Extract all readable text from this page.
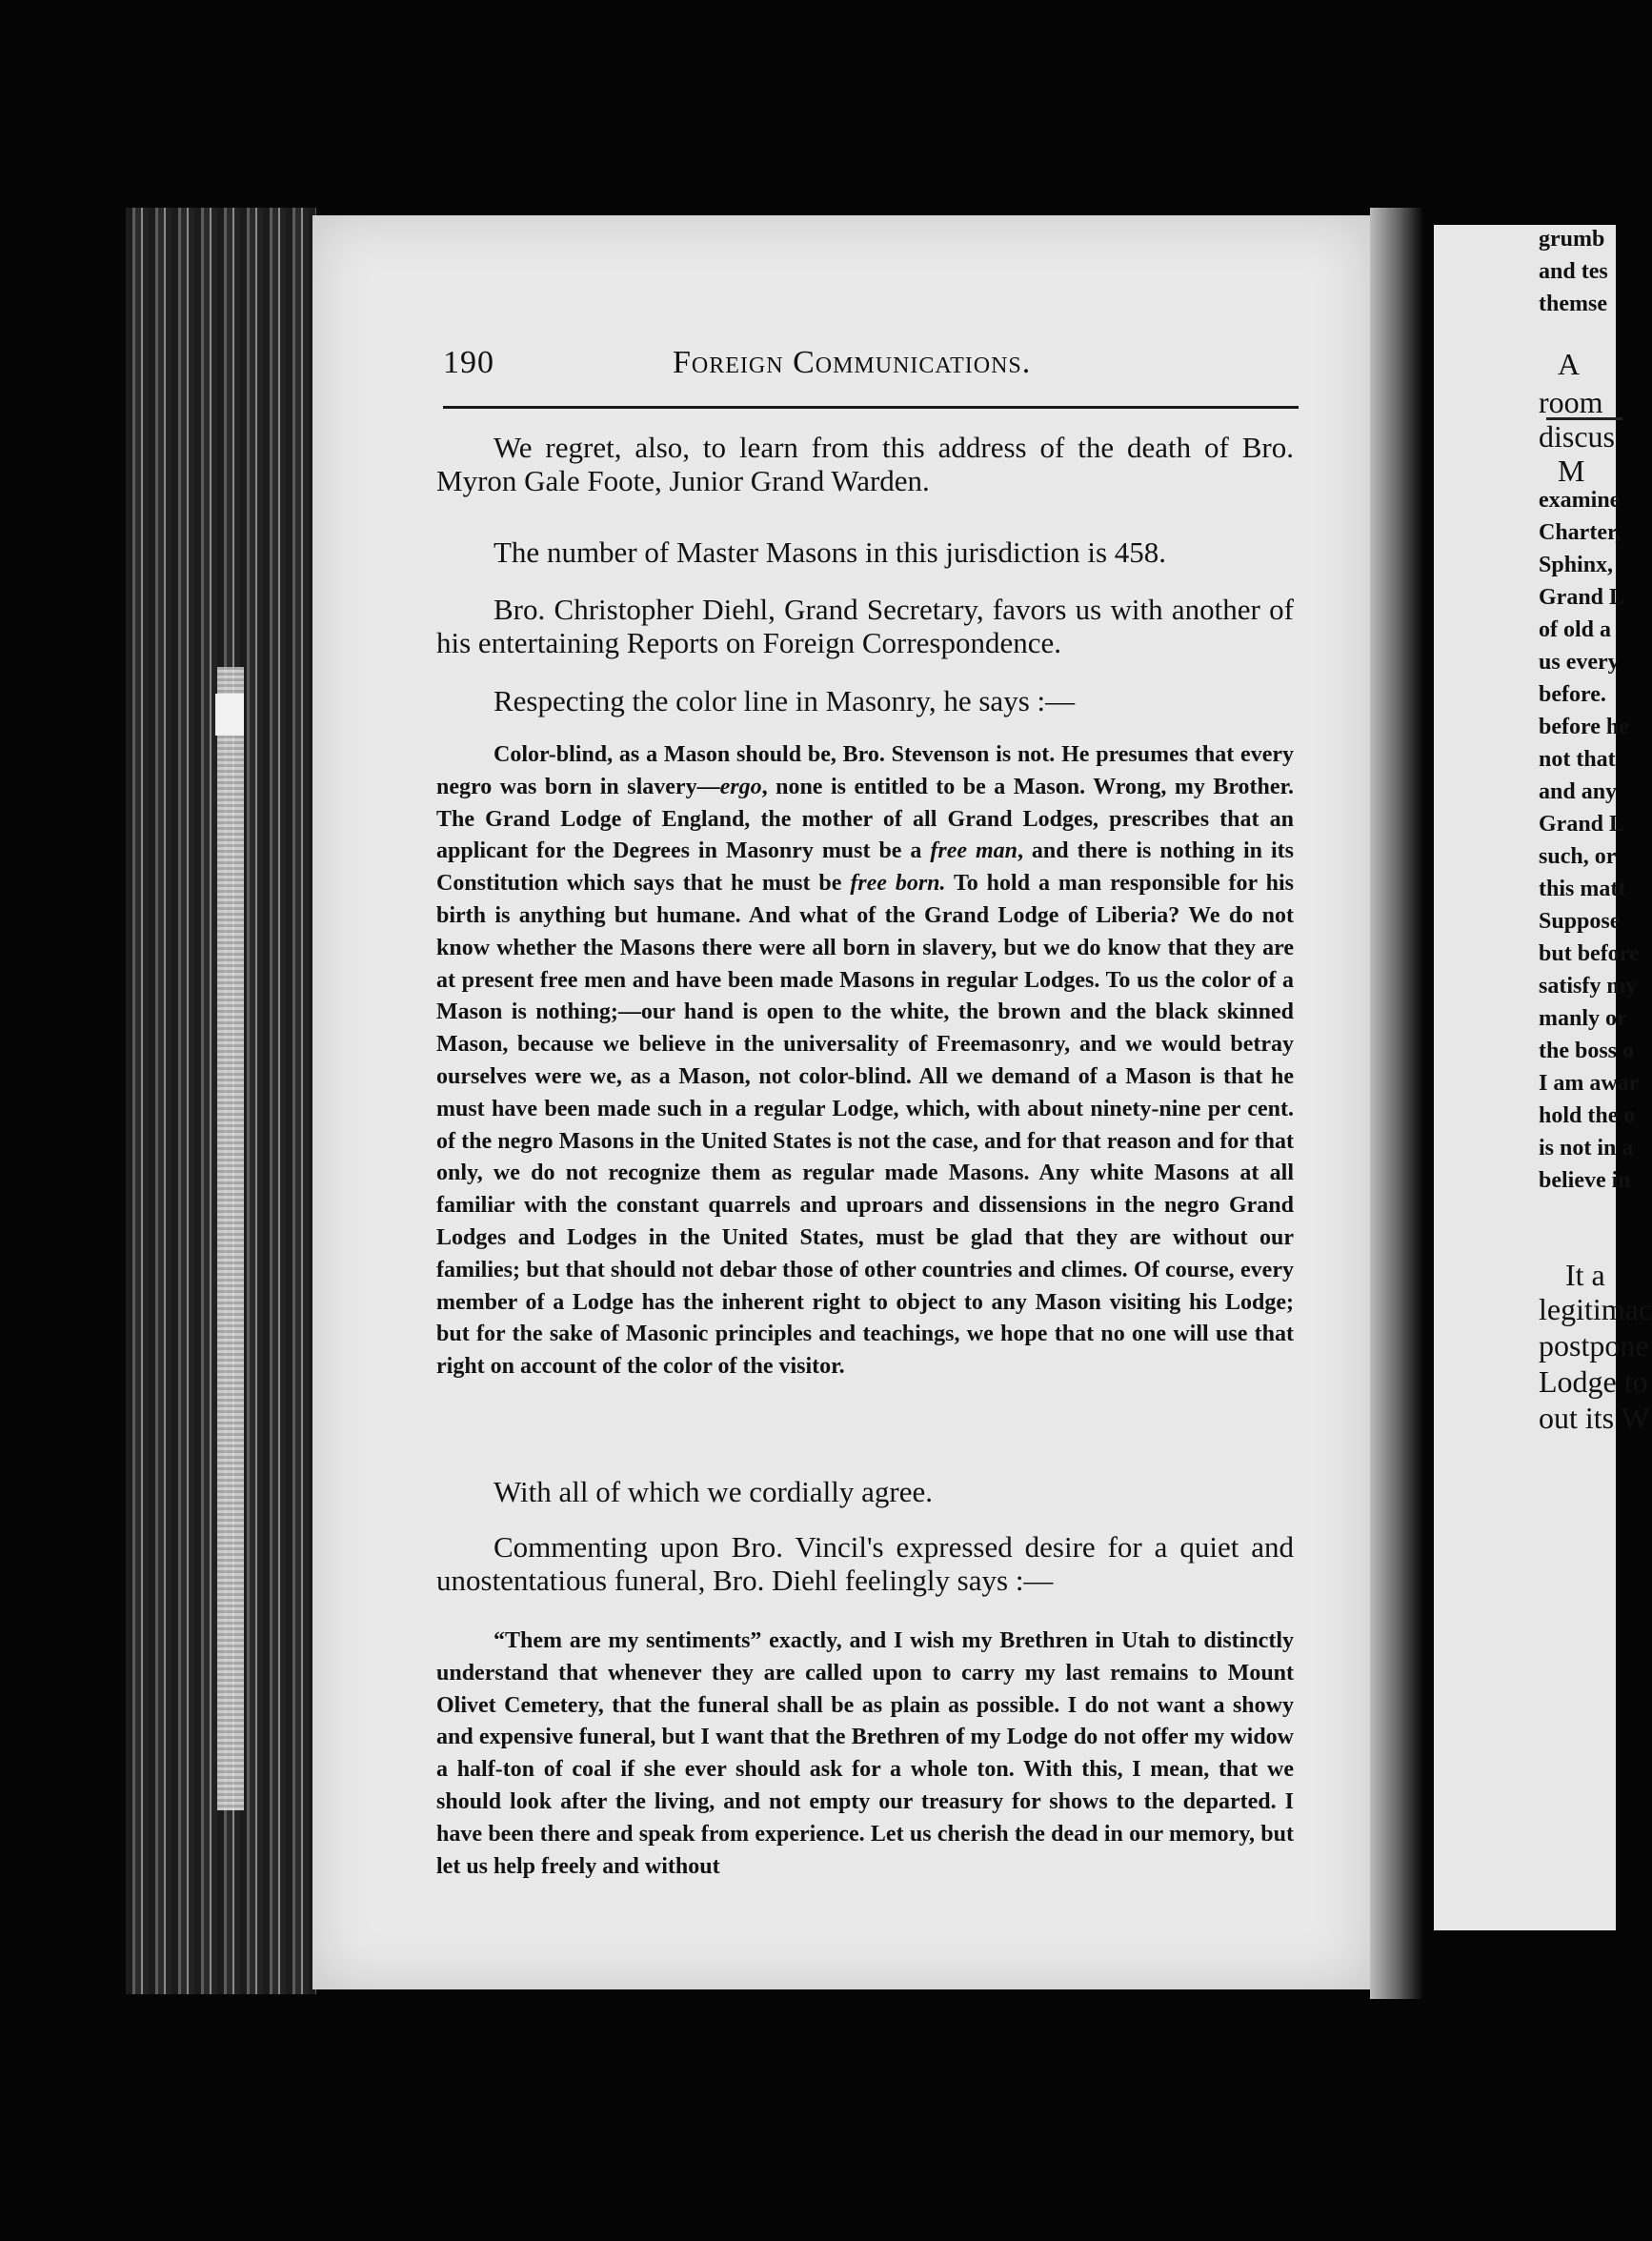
grumb
and tes
themse
examine
Charter,
Sphinx,
Grand L
of old a
us every
before.
before he
not that
and any
Grand L
such, or
this matt
Suppose
but before
satisfy my
manly or
the boss o
I am awar
hold the o
is not in a
believe in
A
room
discus
M
It a
legitimac
postpone
Lodge to
out its W
190	Foreign Communications.

We regret, also, to learn from this address of the death of Bro. Myron Gale Foote, Junior Grand Warden.

The number of Master Masons in this jurisdiction is 458.

Bro. Christopher Diehl, Grand Secretary, favors us with another of his entertaining Reports on Foreign Correspondence.

Respecting the color line in Masonry, he says :—

Color-blind, as a Mason should be, Bro. Stevenson is not. He presumes that every negro was born in slavery—ergo, none is entitled to be a Mason. Wrong, my Brother. The Grand Lodge of England, the mother of all Grand Lodges, prescribes that an applicant for the Degrees in Masonry must be a free man, and there is nothing in its Constitution which says that he must be free born. To hold a man responsible for his birth is anything but humane. And what of the Grand Lodge of Liberia? We do not know whether the Masons there were all born in slavery, but we do know that they are at present free men and have been made Masons in regular Lodges. To us the color of a Mason is nothing;—our hand is open to the white, the brown and the black skinned Mason, because we believe in the universality of Freemasonry, and we would betray ourselves were we, as a Mason, not color-blind. All we demand of a Mason is that he must have been made such in a regular Lodge, which, with about ninety-nine per cent. of the negro Masons in the United States is not the case, and for that reason and for that only, we do not recognize them as regular made Masons. Any white Masons at all familiar with the constant quarrels and uproars and dissensions in the negro Grand Lodges and Lodges in the United States, must be glad that they are without our families; but that should not debar those of other countries and climes. Of course, every member of a Lodge has the inherent right to object to any Mason visiting his Lodge; but for the sake of Masonic principles and teachings, we hope that no one will use that right on account of the color of the visitor.

With all of which we cordially agree.

Commenting upon Bro. Vincil's expressed desire for a quiet and unostentatious funeral, Bro. Diehl feelingly says :—

“Them are my sentiments” exactly, and I wish my Brethren in Utah to distinctly understand that whenever they are called upon to carry my last remains to Mount Olivet Cemetery, that the funeral shall be as plain as possible. I do not want a showy and expensive funeral, but I want that the Brethren of my Lodge do not offer my widow a half-ton of coal if she ever should ask for a whole ton. With this, I mean, that we should look after the living, and not empty our treasury for shows to the departed. I have been there and speak from experience. Let us cherish the dead in our memory, but let us help freely and without
